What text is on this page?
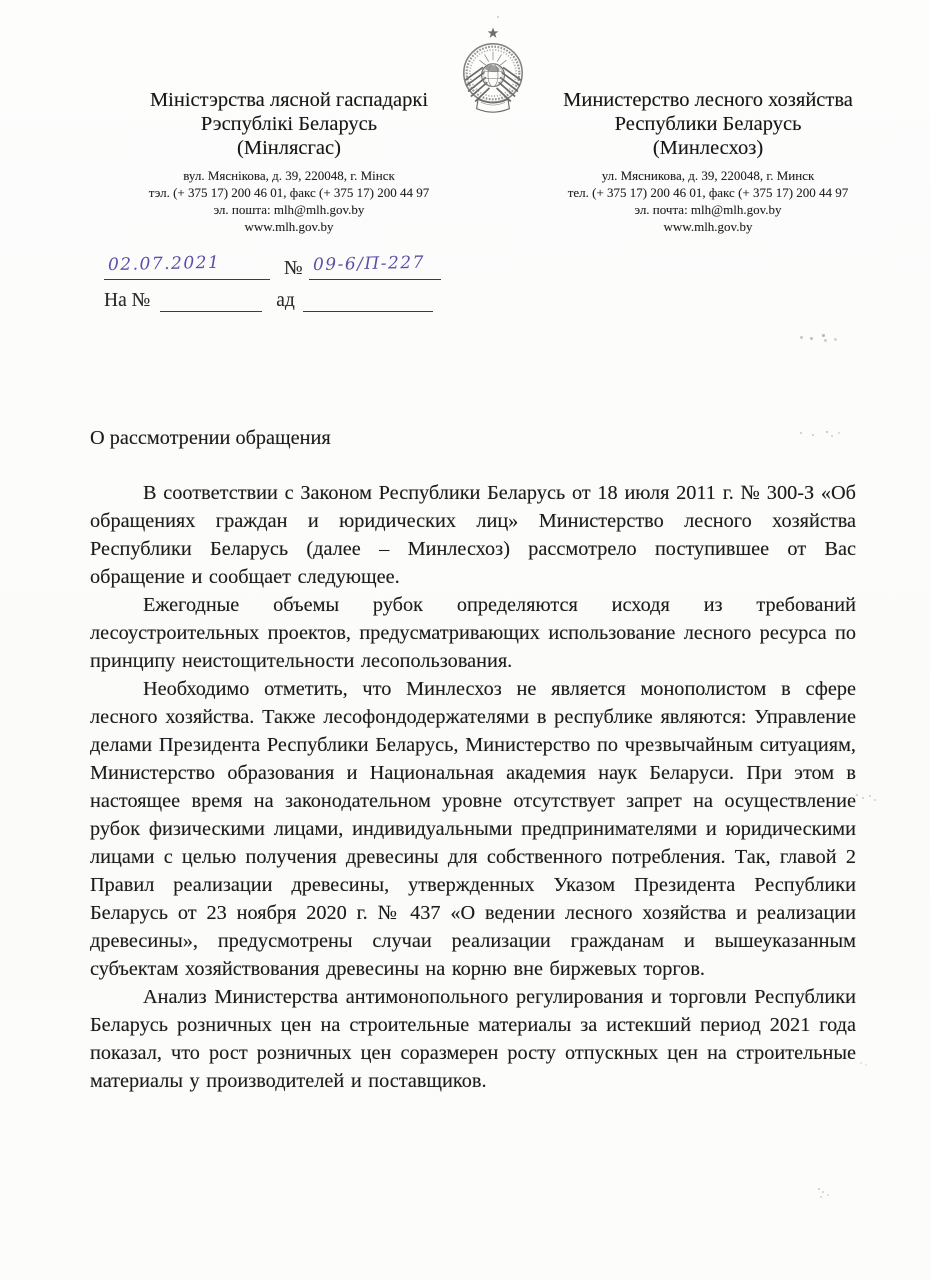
Міністэрства лясной гаспадаркі
Рэспублікі Беларусь
(Мінлясгас)
вул. Мяснікова, д. 39, 220048, г. Мінск
тэл. (+ 375 17) 200 46 01, факс (+ 375 17) 200 44 97
эл. пошта: mlh@mlh.gov.by
www.mlh.gov.by
Министерство лесного хозяйства
Республики Беларусь
(Минлесхоз)
ул. Мясникова, д. 39, 220048, г. Минск
тел. (+ 375 17) 200 46 01, факс (+ 375 17) 200 44 97
эл. почта: mlh@mlh.gov.by
www.mlh.gov.by
02.07.2021	№ 09-6/П-227
На №	ад

О рассмотрении обращения

В соответствии с Законом Республики Беларусь от 18 июля 2011 г. № 300-З «Об обращениях граждан и юридических лиц» Министерство лесного хозяйства Республики Беларусь (далее – Минлесхоз) рассмотрело поступившее от Вас обращение и сообщает следующее.

Ежегодные объемы рубок определяются исходя из требований лесоустроительных проектов, предусматривающих использование лесного ресурса по принципу неистощительности лесопользования.

Необходимо отметить, что Минлесхоз не является монополистом в сфере лесного хозяйства. Также лесофондодержателями в республике являются: Управление делами Президента Республики Беларусь, Министерство по чрезвычайным ситуациям, Министерство образования и Национальная академия наук Беларуси. При этом в настоящее время на законодательном уровне отсутствует запрет на осуществление рубок физическими лицами, индивидуальными предпринимателями и юридическими лицами с целью получения древесины для собственного потребления. Так, главой 2 Правил реализации древесины, утвержденных Указом Президента Республики Беларусь от 23 ноября 2020 г. № 437 «О ведении лесного хозяйства и реализации древесины», предусмотрены случаи реализации гражданам и вышеуказанным субъектам хозяйствования древесины на корню вне биржевых торгов.

Анализ Министерства антимонопольного регулирования и торговли Республики Беларусь розничных цен на строительные материалы за истекший период 2021 года показал, что рост розничных цен соразмерен росту отпускных цен на строительные материалы у производителей и поставщиков.
